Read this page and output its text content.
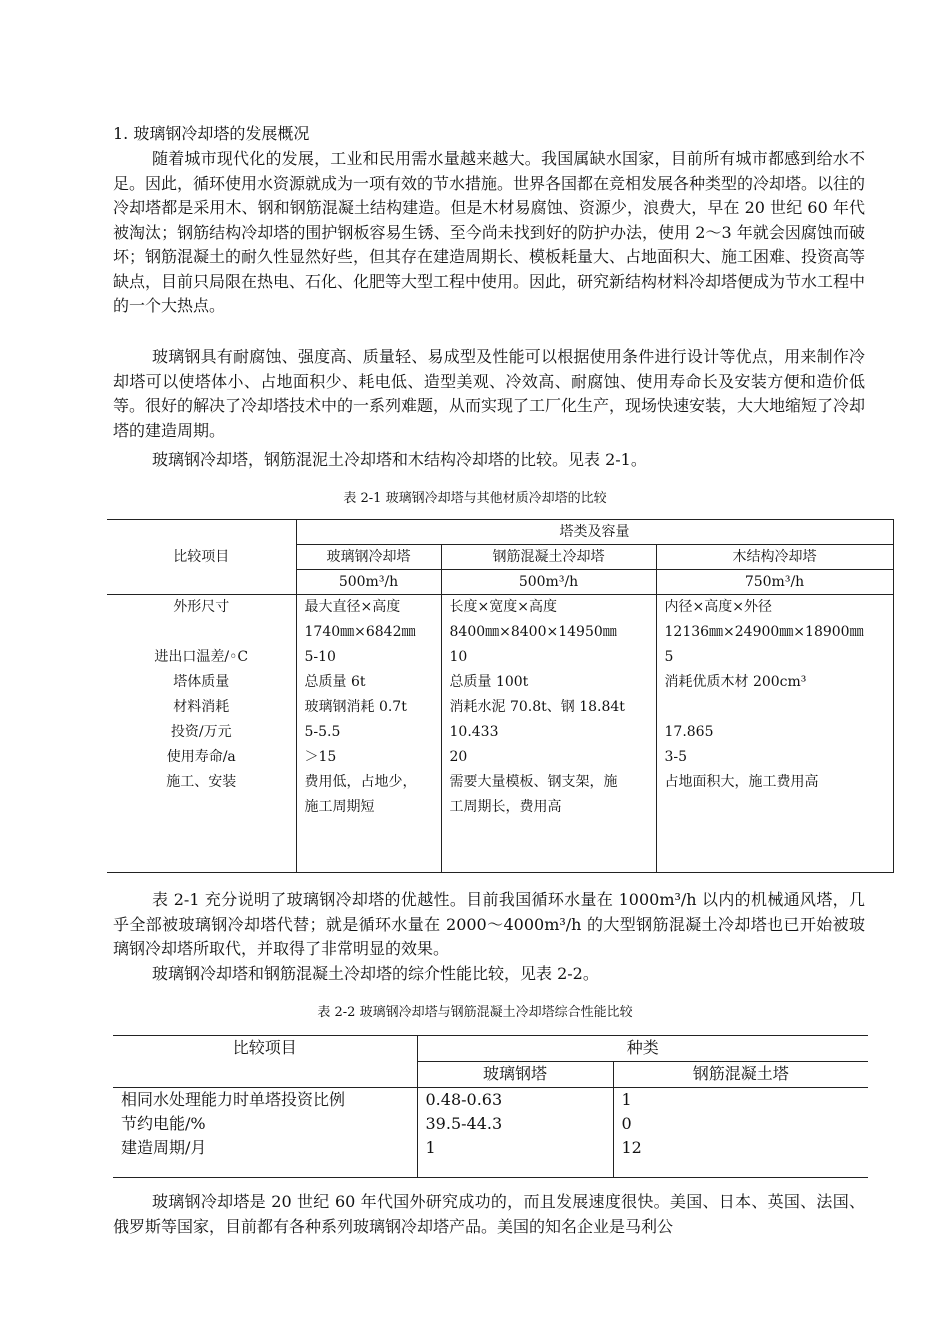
1. 玻璃钢冷却塔的发展概况

随着城市现代化的发展，工业和民用需水量越来越大。我国属缺水国家，目前所有城市都感到给水不足。因此，循环使用水资源就成为一项有效的节水措施。世界各国都在竞相发展各种类型的冷却塔。以往的冷却塔都是采用木、钢和钢筋混凝土结构建造。但是木材易腐蚀、资源少，浪费大，早在 20 世纪 60 年代被淘汰；钢筋结构冷却塔的围护钢板容易生锈、至今尚未找到好的防护办法，使用 2～3 年就会因腐蚀而破坏；钢筋混凝土的耐久性显然好些，但其存在建造周期长、模板耗量大、占地面积大、施工困难、投资高等缺点，目前只局限在热电、石化、化肥等大型工程中使用。因此，研究新结构材料冷却塔便成为节水工程中的一个大热点。

玻璃钢具有耐腐蚀、强度高、质量轻、易成型及性能可以根据使用条件进行设计等优点，用来制作冷却塔可以使塔体小、占地面积少、耗电低、造型美观、冷效高、耐腐蚀、使用寿命长及安装方便和造价低等。很好的解决了冷却塔技术中的一系列难题，从而实现了工厂化生产，现场快速安装，大大地缩短了冷却塔的建造周期。

玻璃钢冷却塔，钢筋混泥土冷却塔和木结构冷却塔的比较。见表 2-1。

表 2-1 玻璃钢冷却塔与其他材质冷却塔的比较
比较项目	塔类及容量		
	玻璃钢冷却塔	钢筋混凝土冷却塔	木结构冷却塔
	500m³/h	500m³/h	750m³/h
外形尺寸	最大直径×高度	长度×宽度×高度	内径×高度×外径
	1740㎜×6842㎜	8400㎜×8400×14950㎜	12136㎜×24900㎜×18900㎜
进出口温差/◦C	5-10	10	5
塔体质量	总质量 6t	总质量 100t	消耗优质木材 200cm³
材料消耗	玻璃钢消耗 0.7t	消耗水泥 70.8t、钢 18.84t	
投资/万元	5-5.5	10.433	17.865
使用寿命/a	＞15	20	3-5
施工、安装	费用低，占地少，	需要大量模板、钢支架，施	占地面积大，施工费用高
	施工周期短	工周期长，费用高	

表 2-1 充分说明了玻璃钢冷却塔的优越性。目前我国循环水量在 1000m³/h 以内的机械通风塔，几乎全部被玻璃钢冷却塔代替；就是循环水量在 2000～4000m³/h 的大型钢筋混凝土冷却塔也已开始被玻璃钢冷却塔所取代，并取得了非常明显的效果。

玻璃钢冷却塔和钢筋混凝土冷却塔的综介性能比较，见表 2-2。

表 2-2 玻璃钢冷却塔与钢筋混凝土冷却塔综合性能比较
比较项目	种类	
	玻璃钢塔	钢筋混凝土塔
相同水处理能力时单塔投资比例	0.48-0.63	1
节约电能/%	39.5-44.3	0
建造周期/月	1	12

玻璃钢冷却塔是 20 世纪 60 年代国外研究成功的，而且发展速度很快。美国、日本、英国、法国、俄罗斯等国家，目前都有各种系列玻璃钢冷却塔产品。美国的知名企业是马利公
